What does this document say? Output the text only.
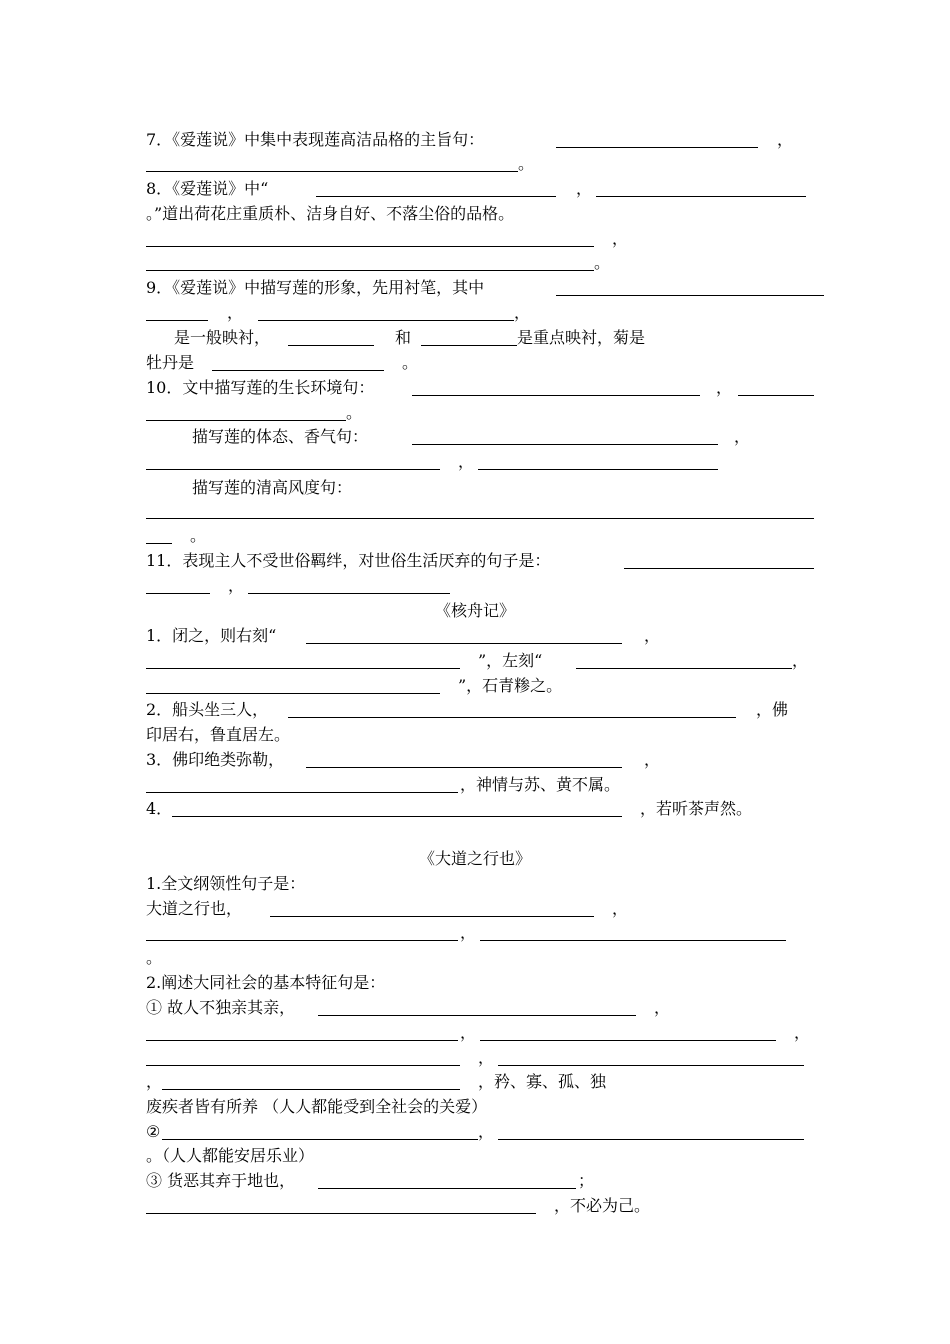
7．《爱莲说》中集中表现莲高洁品格的主旨句：	，
。
8．《爱莲说》中“	，
。”道出荷花庄重质朴、洁身自好、不落尘俗的品格。
，
。
9．《爱莲说》中描写莲的形象，先用衬笔，其中
，	，
是一般映衬，	和	是重点映衬，菊是
牡丹是	。
10．文中描写莲的生长环境句：	，
。
描写莲的体态、香气句：	，
，
描写莲的清高风度句：
。
11．表现主人不受世俗羁绊，对世俗生活厌弃的句子是：
，
《核舟记》
1．闭之，则右刻“	，
”，左刻“	，
”，石青糁之。
2．船头坐三人，	，佛
印居右，鲁直居左。
3．佛印绝类弥勒，	，
，神情与苏、黄不属。
4．	，若听茶声然。
《大道之行也》
1.全文纲领性句子是：
大道之行也，	，
，
。
2.阐述大同社会的基本特征句是：
① 故人不独亲其亲，	，
，	，
，
，	，矜、寡、孤、独
废疾者皆有所养 （人人都能受到全社会的关爱）
②	，
。（人人都能安居乐业）
③ 货恶其弃于地也，	；
，不必为己。
